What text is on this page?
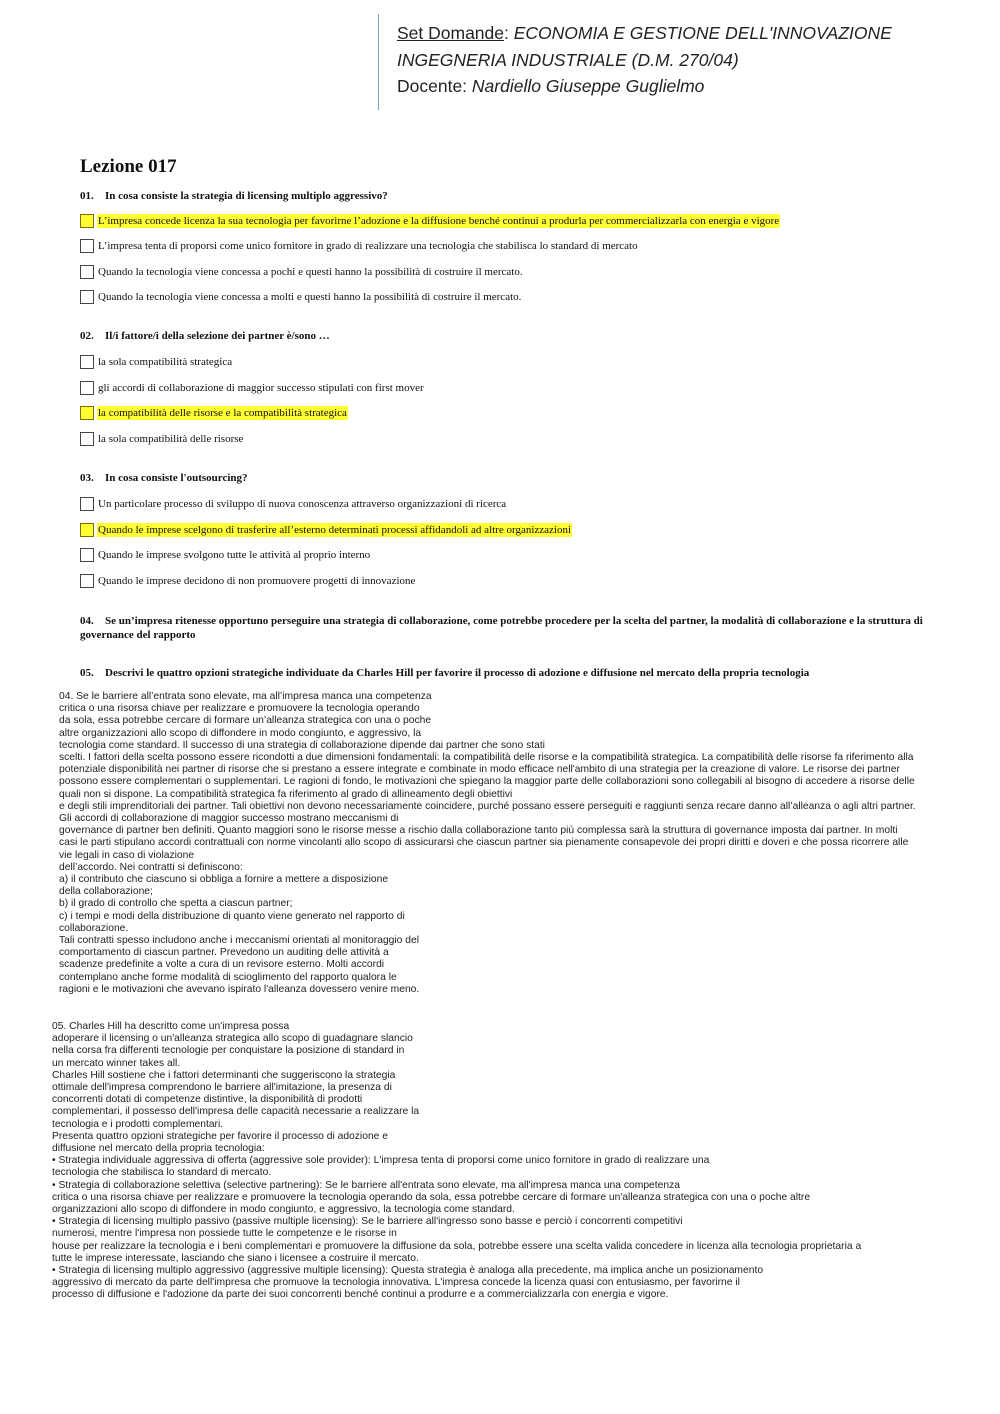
Set Domande: ECONOMIA E GESTIONE DELL'INNOVAZIONE
INGEGNERIA INDUSTRIALE (D.M. 270/04)
Docente: Nardiello Giuseppe Guglielmo
Lezione 017
01. In cosa consiste la strategia di licensing multiplo aggressivo?
L’impresa concede licenza la sua tecnologia per favorirne l’adozione e la diffusione benché continui a produrla per commercializzarla con energia e vigore
L’impresa tenta di proporsi come unico fornitore in grado di realizzare una tecnologia che stabilisca lo standard di mercato
Quando la tecnologia viene concessa a pochi e questi hanno la possibilità di costruire il mercato.
Quando la tecnologia viene concessa a molti e questi hanno la possibilità di costruire il mercato.
02. Il/i fattore/i della selezione dei partner è/sono …
la sola compatibilità strategica
gli accordi di collaborazione di maggior successo stipulati con first mover
la compatibilità delle risorse e la compatibilità strategica
la sola compatibilità delle risorse
03. In cosa consiste l'outsourcing?
Un particolare processo di sviluppo di nuova conoscenza attraverso organizzazioni di ricerca
Quando le imprese scelgono di trasferire all’esterno determinati processi affidandoli ad altre organizzazioni
Quando le imprese svolgono tutte le attività al proprio interno
Quando le imprese decidono di non promuovere progetti di innovazione
04. Se un’impresa ritenesse opportuno perseguire una strategia di collaborazione, come potrebbe procedere per la scelta del partner, la modalità di collaborazione e la struttura di governance del rapporto
05. Descrivi le quattro opzioni strategiche individuate da Charles Hill per favorire il processo di adozione e diffusione nel mercato della propria tecnologia
04. Se le barriere all’entrata sono elevate, ma all’impresa manca una competenza
critica o una risorsa chiave per realizzare e promuovere la tecnologia operando
da sola, essa potrebbe cercare di formare un’alleanza strategica con una o poche
altre organizzazioni allo scopo di diffondere in modo congiunto, e aggressivo, la
tecnologia come standard. Il successo di una strategia di collaborazione dipende dai partner che sono stati
scelti. I fattori della scelta possono essere ricondotti a due dimensioni fondamentali: la compatibilità delle risorse e la compatibilità strategica. La compatibilità delle risorse fa riferimento alla
potenziale disponibilità nei partner di risorse che si prestano a essere integrate e combinate in modo efficace nell'ambito di una strategia per la creazione di valore. Le risorse dei partner
possono essere complementari o supplementari. Le ragioni di fondo, le motivazioni che spiegano la maggior parte delle collaborazioni sono collegabili al bisogno di accedere a risorse delle
quali non si dispone. La compatibilità strategica fa riferimento al grado di allineamento degli obiettivi
e degli stili imprenditoriali dei partner. Tali obiettivi non devono necessariamente coincidere, purché possano essere perseguiti e raggiunti senza recare danno all’alleanza o agli altri partner.
Gli accordi di collaborazione di maggior successo mostrano meccanismi di
governance di partner ben definiti. Quanto maggiori sono le risorse messe a rischio dalla collaborazione tanto più complessa sarà la struttura di governance imposta dai partner. In molti
casi le parti stipulano accordi contrattuali con norme vincolanti allo scopo di assicurarsi che ciascun partner sia pienamente consapevole dei propri diritti e doveri e che possa ricorrere alle
vie legali in caso di violazione
dell’accordo. Nei contratti si definiscono:
a) il contributo che ciascuno si obbliga a fornire a mettere a disposizione
della collaborazione;
b) il grado di controllo che spetta a ciascun partner;
c) i tempi e modi della distribuzione di quanto viene generato nel rapporto di
collaborazione.
Tali contratti spesso includono anche i meccanismi orientati al monitoraggio del
comportamento di ciascun partner. Prevedono un auditing delle attività a
scadenze predefinite a volte a cura di un revisore esterno. Molti accordi
contemplano anche forme modalità di scioglimento del rapporto qualora le
ragioni e le motivazioni che avevano ispirato l'alleanza dovessero venire meno.
05. Charles Hill ha descritto come un'impresa possa
adoperare il licensing o un'alleanza strategica allo scopo di guadagnare slancio
nella corsa fra differenti tecnologie per conquistare la posizione di standard in
un mercato winner takes all.
Charles Hill sostiene che i fattori determinanti che suggeriscono la strategia
ottimale dell'impresa comprendono le barriere all'imitazione, la presenza di
concorrenti dotati di competenze distintive, la disponibilità di prodotti
complementari, il possesso dell'impresa delle capacità necessarie a realizzare la
tecnologia e i prodotti complementari.
Presenta quattro opzioni strategiche per favorire il processo di adozione e
diffusione nel mercato della propria tecnologia:
• Strategia individuale aggressiva di offerta (aggressive sole provider): L'impresa tenta di proporsi come unico fornitore in grado di realizzare una
tecnologia che stabilisca lo standard di mercato.
• Strategia di collaborazione selettiva (selective partnering): Se le barriere all'entrata sono elevate, ma all'impresa manca una competenza
critica o una risorsa chiave per realizzare e promuovere la tecnologia operando da sola, essa potrebbe cercare di formare un'alleanza strategica con una o poche altre
organizzazioni allo scopo di diffondere in modo congiunto, e aggressivo, la tecnologia come standard.
• Strategia di licensing multiplo passivo (passive multiple licensing): Se le barriere all'ingresso sono basse e perciò i concorrenti competitivi
numerosi, mentre l'impresa non possiede tutte le competenze e le risorse in
house per realizzare la tecnologia e i beni complementari e promuovere la diffusione da sola, potrebbe essere una scelta valida concedere in licenza alla tecnologia proprietaria a
tutte le imprese interessate, lasciando che siano i licensee a costruire il mercato.
• Strategia di licensing multiplo aggressivo (aggressive multiple licensing): Questa strategia è analoga alla precedente, ma implica anche un posizionamento
aggressivo di mercato da parte dell'impresa che promuove la tecnologia innovativa. L'impresa concede la licenza quasi con entusiasmo, per favorirne il
processo di diffusione e l'adozione da parte dei suoi concorrenti benché continui a produrre e a commercializzarla con energia e vigore.
